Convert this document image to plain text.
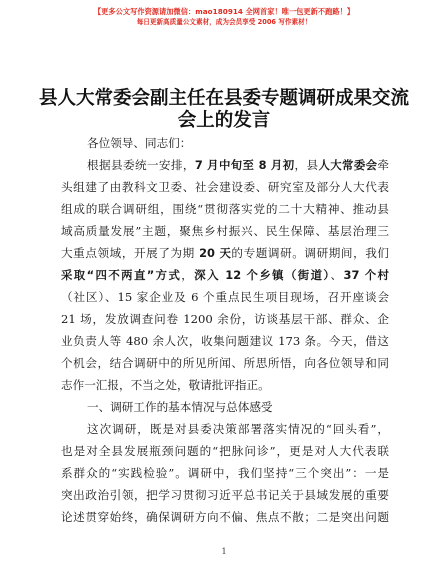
【更多公文写作资源请加微信：mao180914 全网首家！唯一包更新不跑路！】
每日更新高质量公文素材，成为会员享受 2006 写作素材！
县人大常委会副主任在县委专题调研成果交流
会上的发言
各位领导、同志们：
根据县委统一安排，7 月中旬至 8 月初，县人大常委会牵
头组建了由教科文卫委、社会建设委、研究室及部分人大代表
组成的联合调研组，围绕“贯彻落实党的二十大精神、推动县
域高质量发展”主题，聚焦乡村振兴、民生保障、基层治理三
大重点领域，开展了为期 20 天的专题调研。调研期间，我们
采取“四不两直”方式，深入 12 个乡镇（街道）、37 个村
（社区）、15 家企业及 6 个重点民生项目现场，召开座谈会
21 场，发放调查问卷 1200 余份，访谈基层干部、群众、企
业负责人等 480 余人次，收集问题建议 173 条。今天，借这
个机会，结合调研中的所见所闻、所思所悟，向各位领导和同
志作一汇报，不当之处，敬请批评指正。
一、调研工作的基本情况与总体感受
这次调研，既是对县委决策部署落实情况的“回头看”，
也是对全县发展瓶颈问题的“把脉问诊”，更是对人大代表联
系群众的“实践检验”。调研中，我们坚持“三个突出”：一是
突出政治引领，把学习贯彻习近平总书记关于县域发展的重要
论述贯穿始终，确保调研方向不偏、焦点不散；二是突出问题
1
